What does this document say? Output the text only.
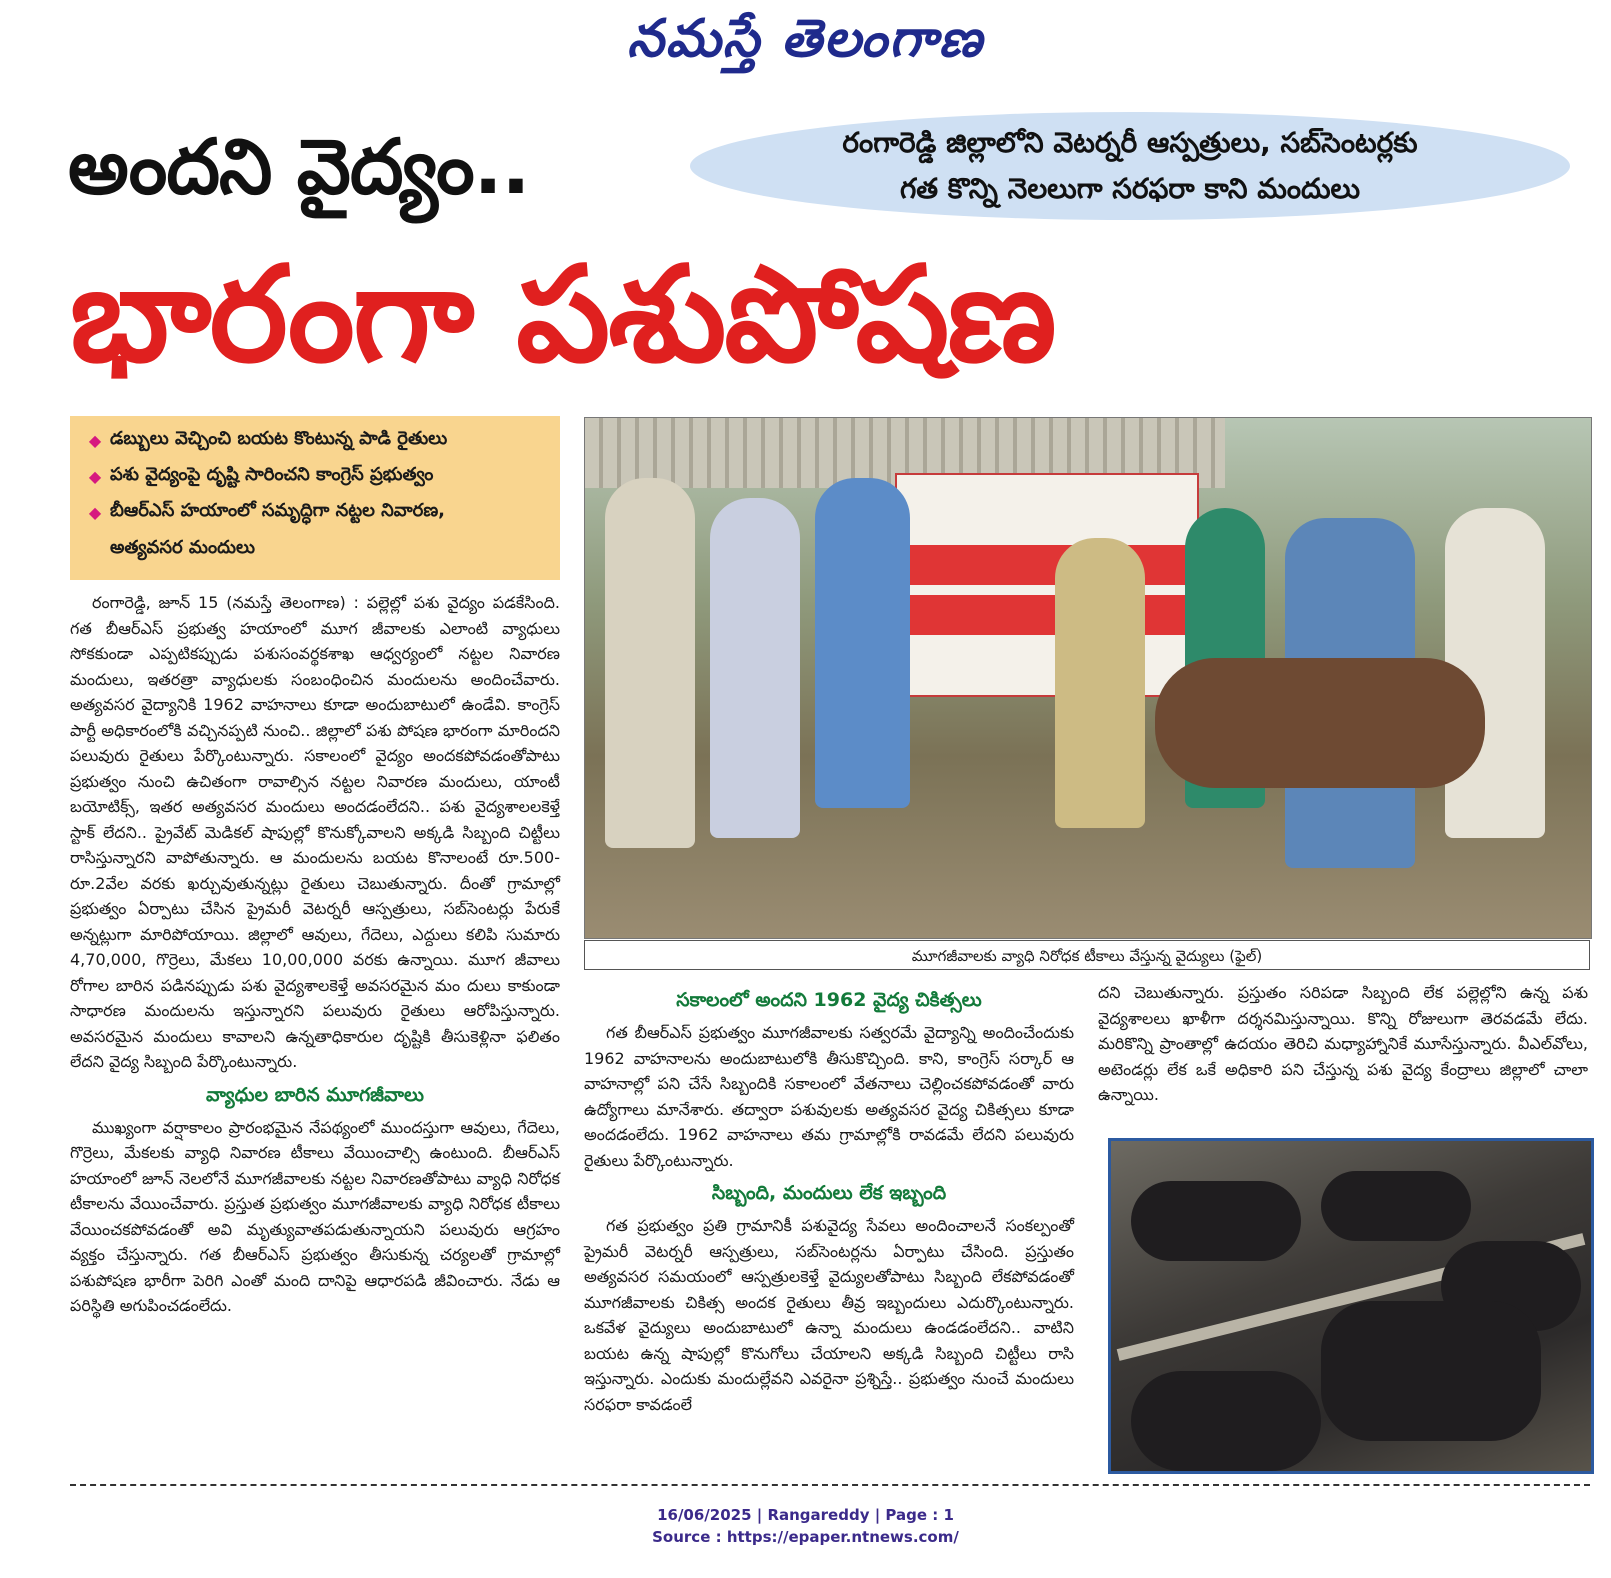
నమస్తే తెలంగాణ
అందని వైద్యం..	రంగారెడ్డి జిల్లాలోని వెటర్నరీ ఆస్పత్రులు, సబ్‌సెంటర్లకు
గత కొన్ని నెలలుగా సరఫరా కాని మందులు
భారంగా పశుపోషణ
◆ డబ్బులు వెచ్చించి బయట కొంటున్న పాడి రైతులు
◆ పశు వైద్యంపై దృష్టి సారించని కాంగ్రెస్ ప్రభుత్వం
◆ బీఆర్‌ఎస్ హయాంలో సమృద్ధిగా నట్టల నివారణ,
అత్యవసర మందులు
మూగజీవాలకు వ్యాధి నిరోధక టీకాలు వేస్తున్న వైద్యులు (ఫైల్)

రంగారెడ్డి, జూన్ 15 (నమస్తే తెలంగాణ) : పల్లెల్లో పశు వైద్యం పడకేసింది. గత బీఆర్‌ఎస్ ప్రభుత్వ హయాంలో మూగ జీవాలకు ఎలాంటి వ్యాధులు సోకకుండా ఎప్పటికప్పుడు పశుసంవర్థకశాఖ ఆధ్వర్యంలో నట్టల నివారణ మందులు, ఇతరత్రా వ్యాధులకు సంబంధించిన మందులను అందించేవారు. అత్యవసర వైద్యానికి 1962 వాహనాలు కూడా అందుబాటులో ఉండేవి. కాంగ్రెస్ పార్టీ అధికారంలోకి వచ్చినప్పటి నుంచి.. జిల్లాలో పశు పోషణ భారంగా మారిందని పలువురు రైతులు పేర్కొంటున్నారు. సకాలంలో వైద్యం అందకపోవడంతోపాటు ప్రభుత్వం నుంచి ఉచితంగా రావాల్సిన నట్టల నివారణ మందులు, యాంటీ బయోటిక్స్, ఇతర అత్యవసర మందులు అందడంలేదని.. పశు వైద్యశాలలకెళ్తే స్టాక్ లేదని.. ప్రైవేట్ మెడికల్ షాపుల్లో కొనుక్కోవాలని అక్కడి సిబ్బంది చిట్టీలు రాసిస్తున్నారని వాపోతున్నారు. ఆ మందులను బయట కొనాలంటే రూ.500-రూ.2వేల వరకు ఖర్చువుతున్నట్లు రైతులు చెబుతున్నారు. దీంతో గ్రామాల్లో ప్రభుత్వం ఏర్పాటు చేసిన ప్రైమరీ వెటర్నరీ ఆస్పత్రులు, సబ్‌సెంటర్లు పేరుకే అన్నట్లుగా మారిపోయాయి. జిల్లాలో ఆవులు, గేదెలు, ఎద్దులు కలిపి సుమారు 4,70,000, గొర్రెలు, మేకలు 10,00,000 వరకు ఉన్నాయి. మూగ జీవాలు రోగాల బారిన పడినప్పుడు పశు వైద్యశాలకెళ్తే అవసరమైన మం దులు కాకుండా సాధారణ మందులను ఇస్తున్నారని పలువురు రైతులు ఆరోపిస్తున్నారు. అవసరమైన మందులు కావాలని ఉన్నతాధికారుల దృష్టికి తీసుకెళ్లినా ఫలితం లేదని వైద్య సిబ్బంది పేర్కొంటున్నారు.

వ్యాధుల బారిన మూగజీవాలు

ముఖ్యంగా వర్షాకాలం ప్రారంభమైన నేపథ్యంలో ముందస్తుగా ఆవులు, గేదెలు, గొర్రెలు, మేకలకు వ్యాధి నివారణ టీకాలు వేయించాల్సి ఉంటుంది. బీఆర్‌ఎస్ హయాంలో జూన్ నెలలోనే మూగజీవాలకు నట్టల నివారణతోపాటు వ్యాధి నిరోధక టీకాలను వేయించేవారు. ప్రస్తుత ప్రభుత్వం మూగజీవాలకు వ్యాధి నిరోధక టీకాలు వేయించకపోవడంతో అవి మృత్యువాతపడుతున్నాయని పలువురు ఆగ్రహం వ్యక్తం చేస్తున్నారు. గత బీఆర్‌ఎస్ ప్రభుత్వం తీసుకున్న చర్యలతో గ్రామాల్లో పశుపోషణ భారీగా పెరిగి ఎంతో మంది దానిపై ఆధారపడి జీవించారు. నేడు ఆ పరిస్థితి అగుపించడంలేదు.

సకాలంలో అందని 1962 వైద్య చికిత్సలు

గత బీఆర్‌ఎస్ ప్రభుత్వం మూగజీవాలకు సత్వరమే వైద్యాన్ని అందించేందుకు 1962 వాహనాలను అందుబాటులోకి తీసుకొచ్చింది. కాని, కాంగ్రెస్ సర్కార్ ఆ వాహనాల్లో పని చేసే సిబ్బందికి సకాలంలో వేతనాలు చెల్లించకపోవడంతో వారు ఉద్యోగాలు మానేశారు. తద్వారా పశువులకు అత్యవసర వైద్య చికిత్సలు కూడా అందడంలేదు. 1962 వాహనాలు తమ గ్రామాల్లోకి రావడమే లేదని పలువురు రైతులు పేర్కొంటున్నారు.

సిబ్బంది, మందులు లేక ఇబ్బంది

గత ప్రభుత్వం ప్రతి గ్రామానికీ పశువైద్య సేవలు అందించాలనే సంకల్పంతో ప్రైమరీ వెటర్నరీ ఆస్పత్రులు, సబ్‌సెంటర్లను ఏర్పాటు చేసింది. ప్రస్తుతం అత్యవసర సమయంలో ఆస్పత్రులకెళ్తే వైద్యులతోపాటు సిబ్బంది లేకపోవడంతో మూగజీవాలకు చికిత్స అందక రైతులు తీవ్ర ఇబ్బందులు ఎదుర్కొంటున్నారు. ఒకవేళ వైద్యులు అందుబాటులో ఉన్నా మందులు ఉండడంలేదని.. వాటిని బయట ఉన్న షాపుల్లో కొనుగోలు చేయాలని అక్కడి సిబ్బంది చిట్టీలు రాసి ఇస్తున్నారు. ఎందుకు మందుల్లేవని ఎవరైనా ప్రశ్నిస్తే.. ప్రభుత్వం నుంచే మందులు సరఫరా కావడంలే

దని చెబుతున్నారు. ప్రస్తుతం సరిపడా సిబ్బంది లేక పల్లెల్లోని ఉన్న పశు వైద్యశాలలు ఖాళీగా దర్శనమిస్తున్నాయి. కొన్ని రోజులుగా తెరవడమే లేదు. మరికొన్ని ప్రాంతాల్లో ఉదయం తెరిచి మధ్యాహ్నానికే మూసేస్తున్నారు. వీఎల్‌వోలు, అటెండర్లు లేక ఒకే అధికారి పని చేస్తున్న పశు వైద్య కేంద్రాలు జిల్లాలో చాలా ఉన్నాయి.

16/06/2025 | Rangareddy | Page : 1
Source : https://epaper.ntnews.com/
